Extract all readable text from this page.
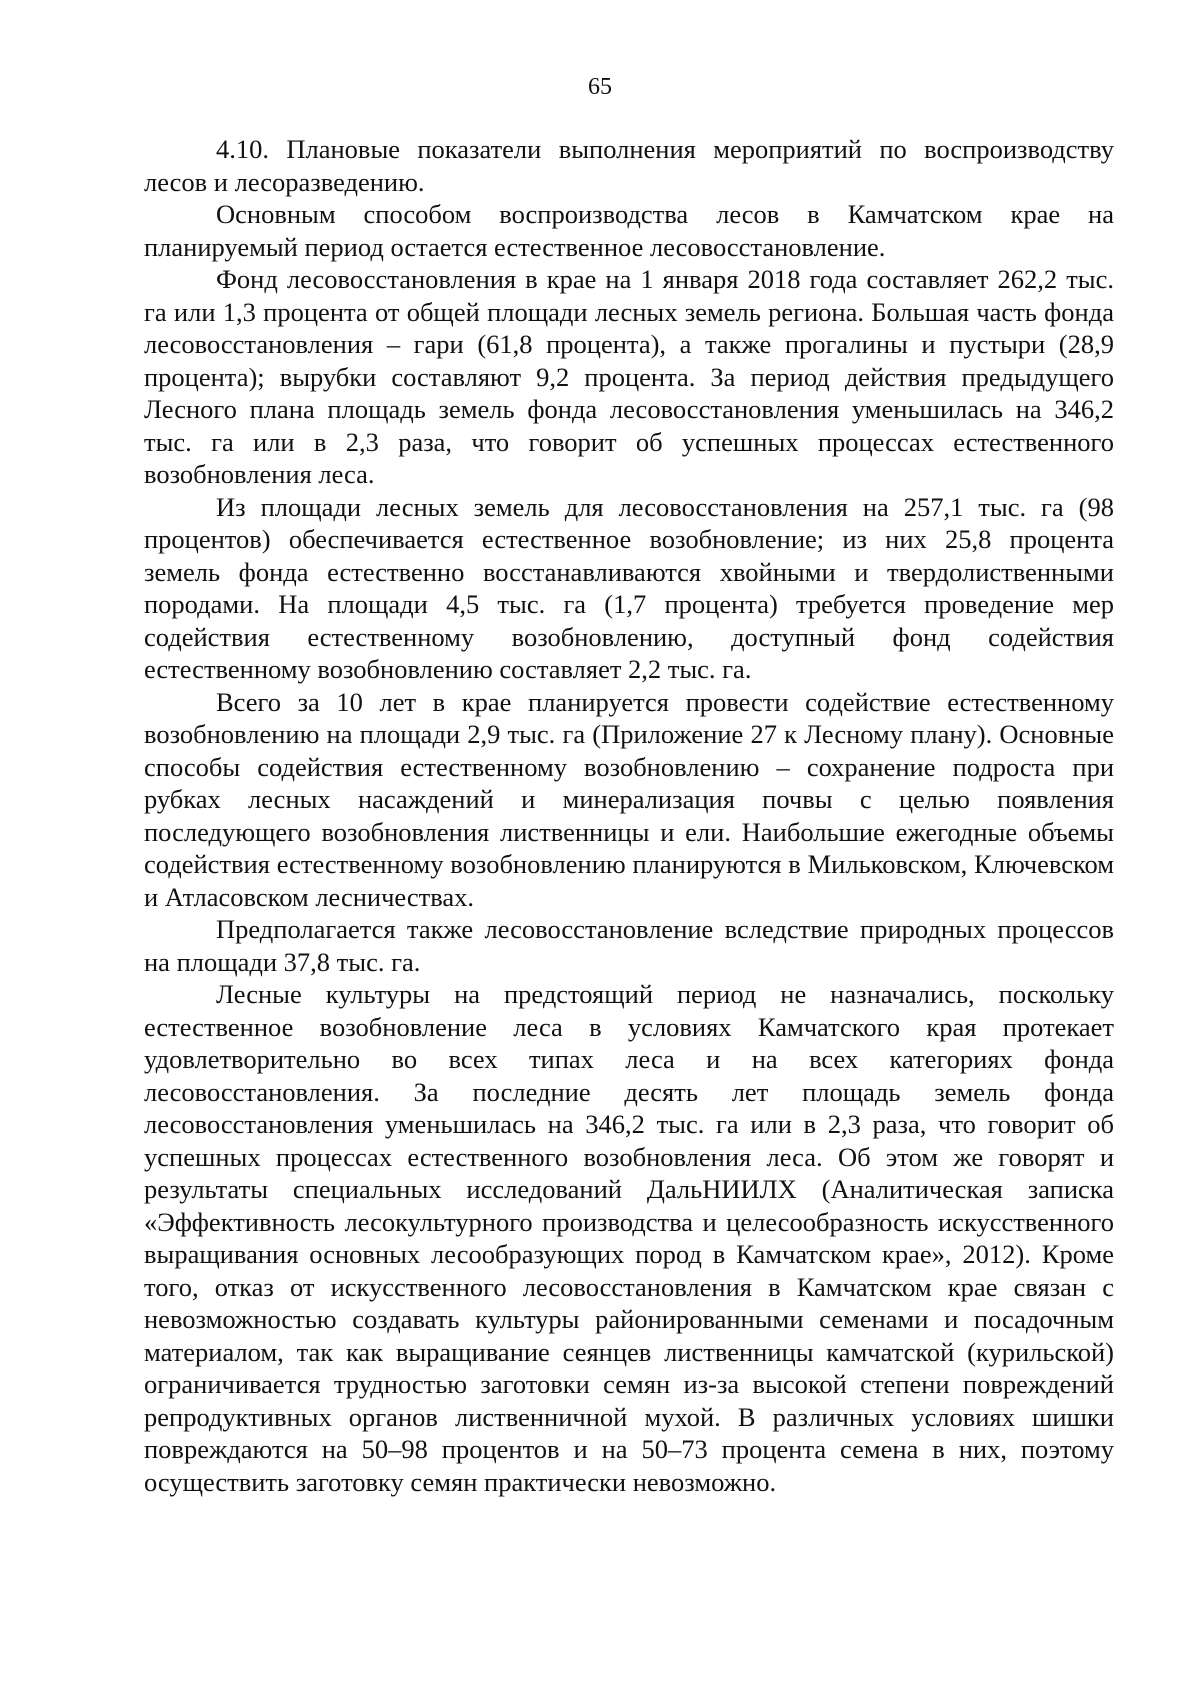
65

4.10. Плановые показатели выполнения мероприятий по воспроизводству лесов и лесоразведению.

Основным способом воспроизводства лесов в Камчатском крае на планируемый период остается естественное лесовосстановление.

Фонд лесовосстановления в крае на 1 января 2018 года составляет 262,2 тыс. га или 1,3 процента от общей площади лесных земель региона. Большая часть фонда лесовосстановления – гари (61,8 процента), а также прогалины и пустыри (28,9 процента); вырубки составляют 9,2 процента. За период действия предыдущего Лесного плана площадь земель фонда лесовосстановления уменьшилась на 346,2 тыс. га или в 2,3 раза, что говорит об успешных процессах естественного возобновления леса.

Из площади лесных земель для лесовосстановления на 257,1 тыс. га (98 процентов) обеспечивается естественное возобновление; из них 25,8 процента земель фонда естественно восстанавливаются хвойными и твердолиственными породами. На площади 4,5 тыс. га (1,7 процента) требуется проведение мер содействия естественному возобновлению, доступный фонд содействия естественному возобновлению составляет 2,2 тыс. га.

Всего за 10 лет в крае планируется провести содействие естественному возобновлению на площади 2,9 тыс. га (Приложение 27 к Лесному плану). Основные способы содействия естественному возобновлению – сохранение подроста при рубках лесных насаждений и минерализация почвы с целью появления последующего возобновления лиственницы и ели. Наибольшие ежегодные объемы содействия естественному возобновлению планируются в Мильковском, Ключевском и Атласовском лесничествах.

Предполагается также лесовосстановление вследствие природных процессов на площади 37,8 тыс. га.

Лесные культуры на предстоящий период не назначались, поскольку естественное возобновление леса в условиях Камчатского края протекает удовлетворительно во всех типах леса и на всех категориях фонда лесовосстановления. За последние десять лет площадь земель фонда лесовосстановления уменьшилась на 346,2 тыс. га или в 2,3 раза, что говорит об успешных процессах естественного возобновления леса. Об этом же говорят и результаты специальных исследований ДальНИИЛХ (Аналитическая записка «Эффективность лесокультурного производства и целесообразность искусственного выращивания основных лесообразующих пород в Камчатском крае», 2012). Кроме того, отказ от искусственного лесовосстановления в Камчатском крае связан с невозможностью создавать культуры районированными семенами и посадочным материалом, так как выращивание сеянцев лиственницы камчатской (курильской) ограничивается трудностью заготовки семян из-за высокой степени повреждений репродуктивных органов лиственничной мухой. В различных условиях шишки повреждаются на 50–98 процентов и на 50–73 процента семена в них, поэтому осуществить заготовку семян практически невозможно.
